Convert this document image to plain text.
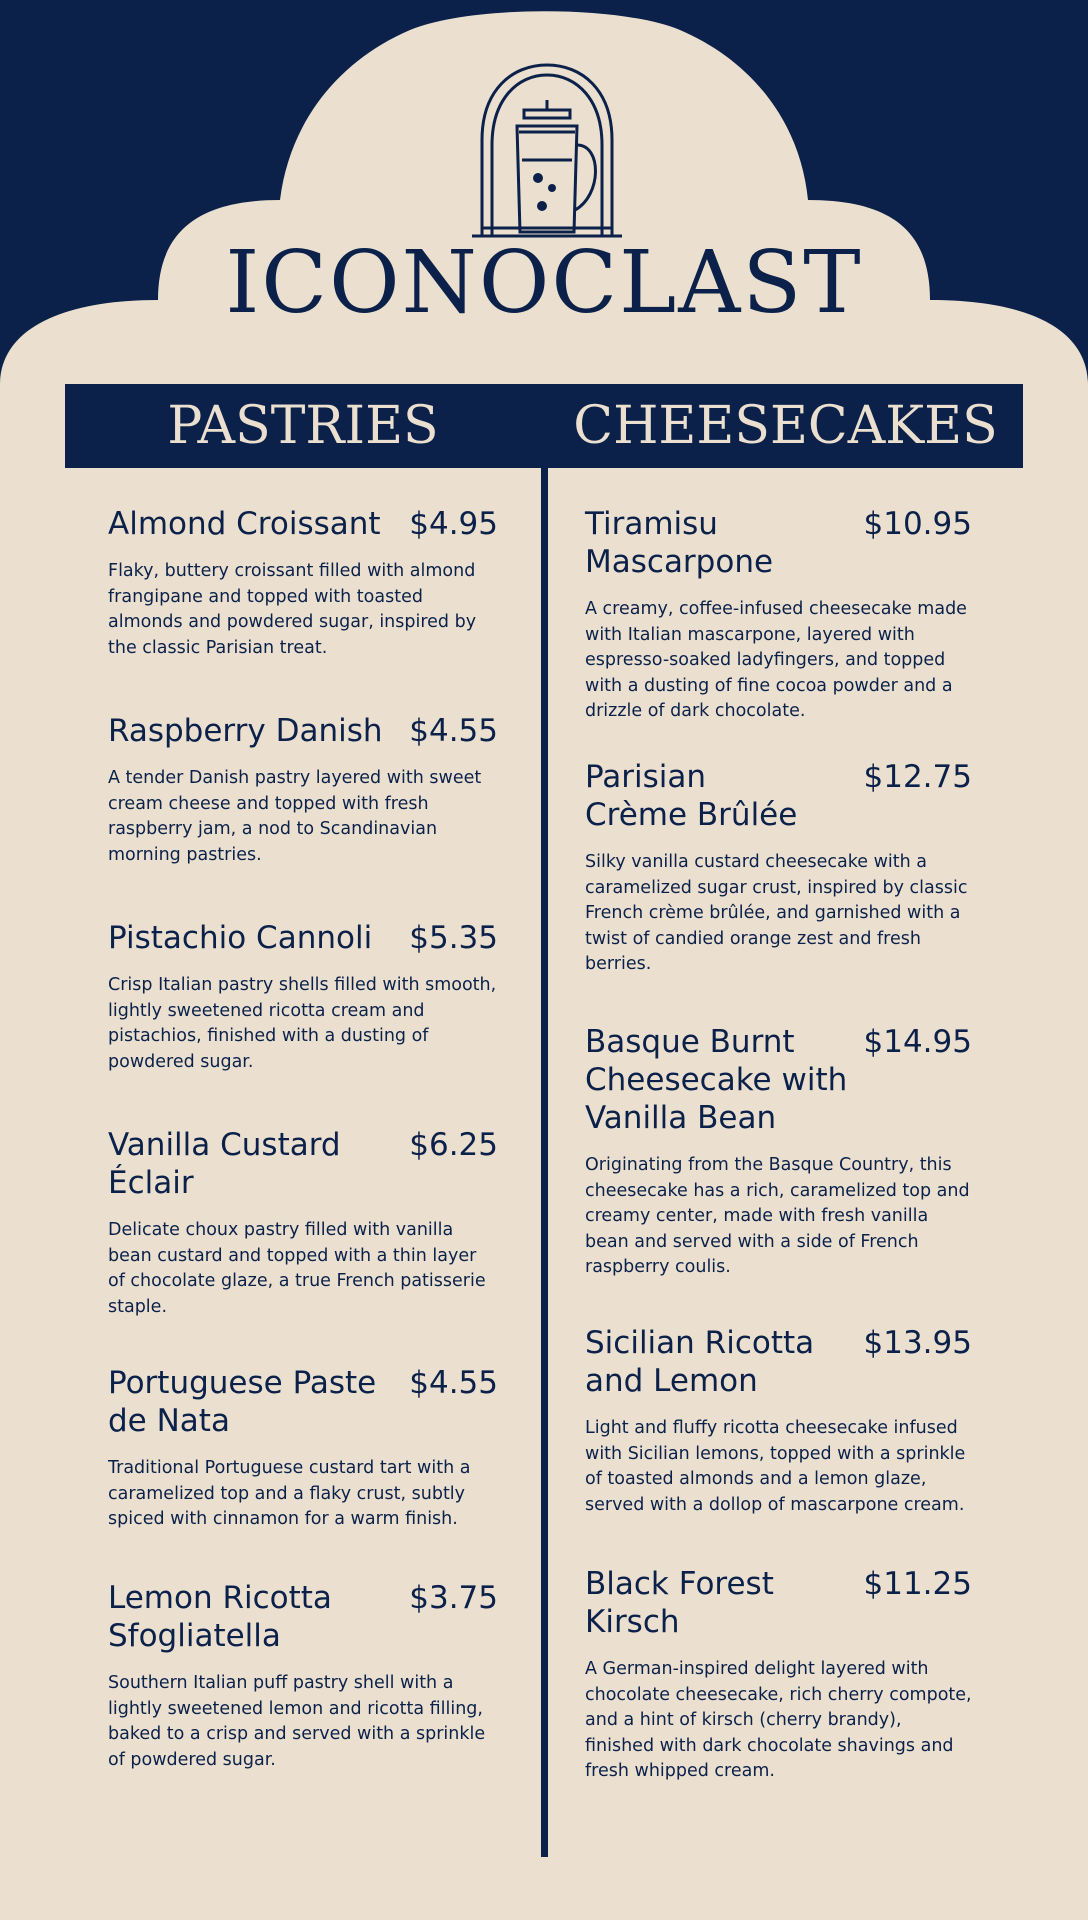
ICONOCLAST
PASTRIES	CHEESECAKES
Almond Croissant $4.95
Flaky, buttery croissant filled with almond frangipane and topped with toasted almonds and powdered sugar, inspired by the classic Parisian treat.
Raspberry Danish $4.55
A tender Danish pastry layered with sweet cream cheese and topped with fresh raspberry jam, a nod to Scandinavian morning pastries.
Pistachio Cannoli $5.35
Crisp Italian pastry shells filled with smooth, lightly sweetened ricotta cream and pistachios, finished with a dusting of powdered sugar.
Vanilla Custard Éclair
$6.25
Delicate choux pastry filled with vanilla bean custard and topped with a thin layer of chocolate glaze, a true French patisserie staple.
Portuguese Paste de Nata
$4.55
Traditional Portuguese custard tart with a caramelized top and a flaky crust, subtly spiced with cinnamon for a warm finish.
Lemon Ricotta Sfogliatella
$3.75
Southern Italian puff pastry shell with a lightly sweetened lemon and ricotta filling, baked to a crisp and served with a sprinkle of powdered sugar.
Tiramisu Mascarpone
$10.95
A creamy, coffee-infused cheesecake made with Italian mascarpone, layered with espresso-soaked ladyfingers, and topped with a dusting of fine cocoa powder and a drizzle of dark chocolate.
Parisian Crème Brûlée
$12.75
Silky vanilla custard cheesecake with a caramelized sugar crust, inspired by classic French crème brûlée, and garnished with a twist of candied orange zest and fresh berries.
Basque Burnt Cheesecake with Vanilla Bean
$14.95
Originating from the Basque Country, this cheesecake has a rich, caramelized top and creamy center, made with fresh vanilla bean and served with a side of French raspberry coulis.
Sicilian Ricotta and Lemon
$13.95
Light and fluffy ricotta cheesecake infused with Sicilian lemons, topped with a sprinkle of toasted almonds and a lemon glaze, served with a dollop of mascarpone cream.
Black Forest Kirsch
$11.25
A German-inspired delight layered with chocolate cheesecake, rich cherry compote, and a hint of kirsch (cherry brandy), finished with dark chocolate shavings and fresh whipped cream.
